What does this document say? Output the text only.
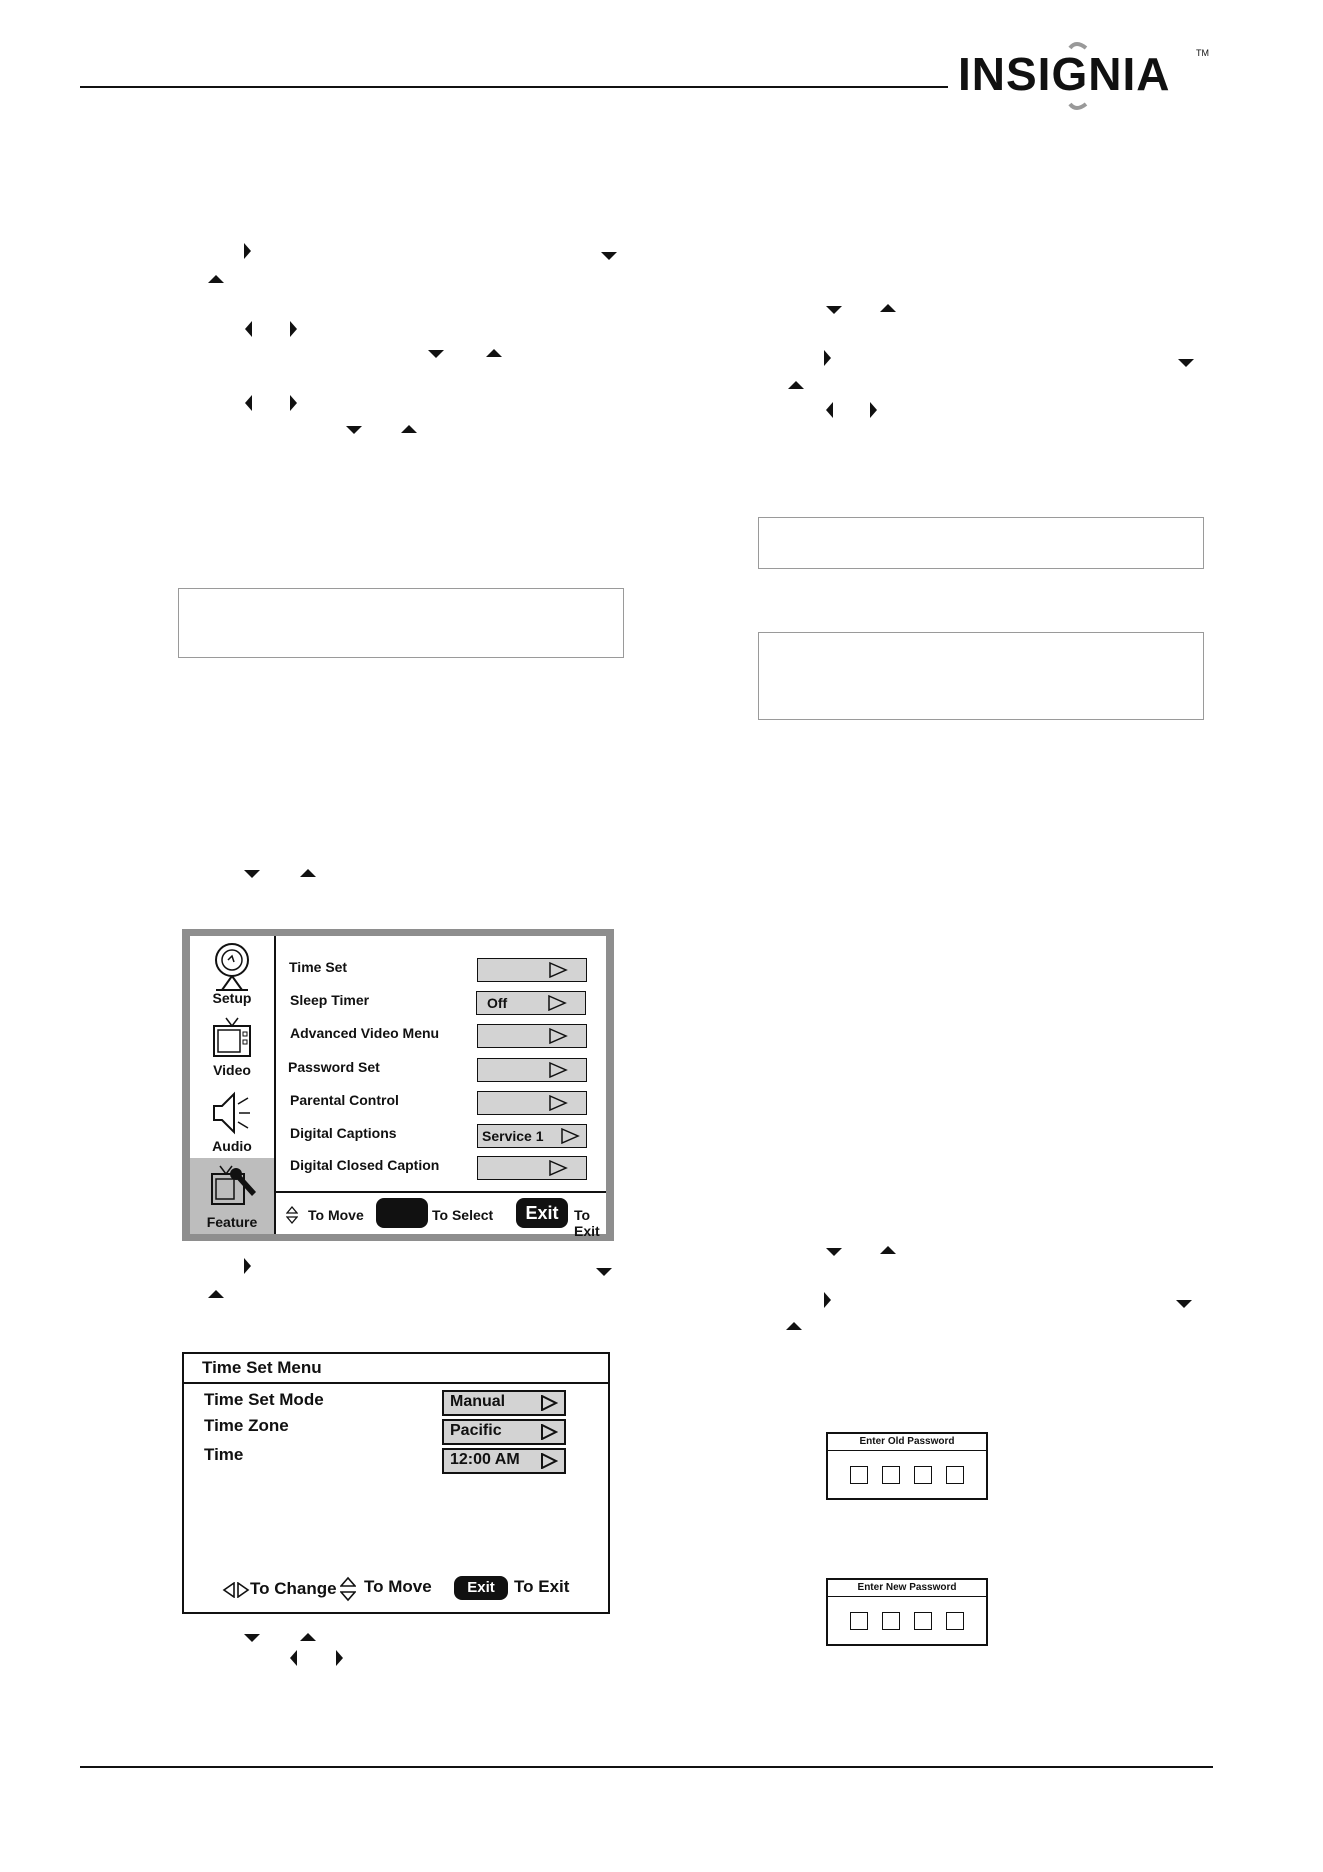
INSIGNIA	TM
Setup
Video
Audio
Feature
Time Set
Sleep Timer	Off
Advanced Video Menu
Password Set
Parental Control
Digital Captions	Service 1
Digital Closed Caption
To Move	To Select	Exit	To Exit
Time Set Menu
Time Set Mode	Manual
Time Zone	Pacific
Time	12:00 AM
To Change To Move	Exit	To Exit
Enter Old Password
Enter New Password
